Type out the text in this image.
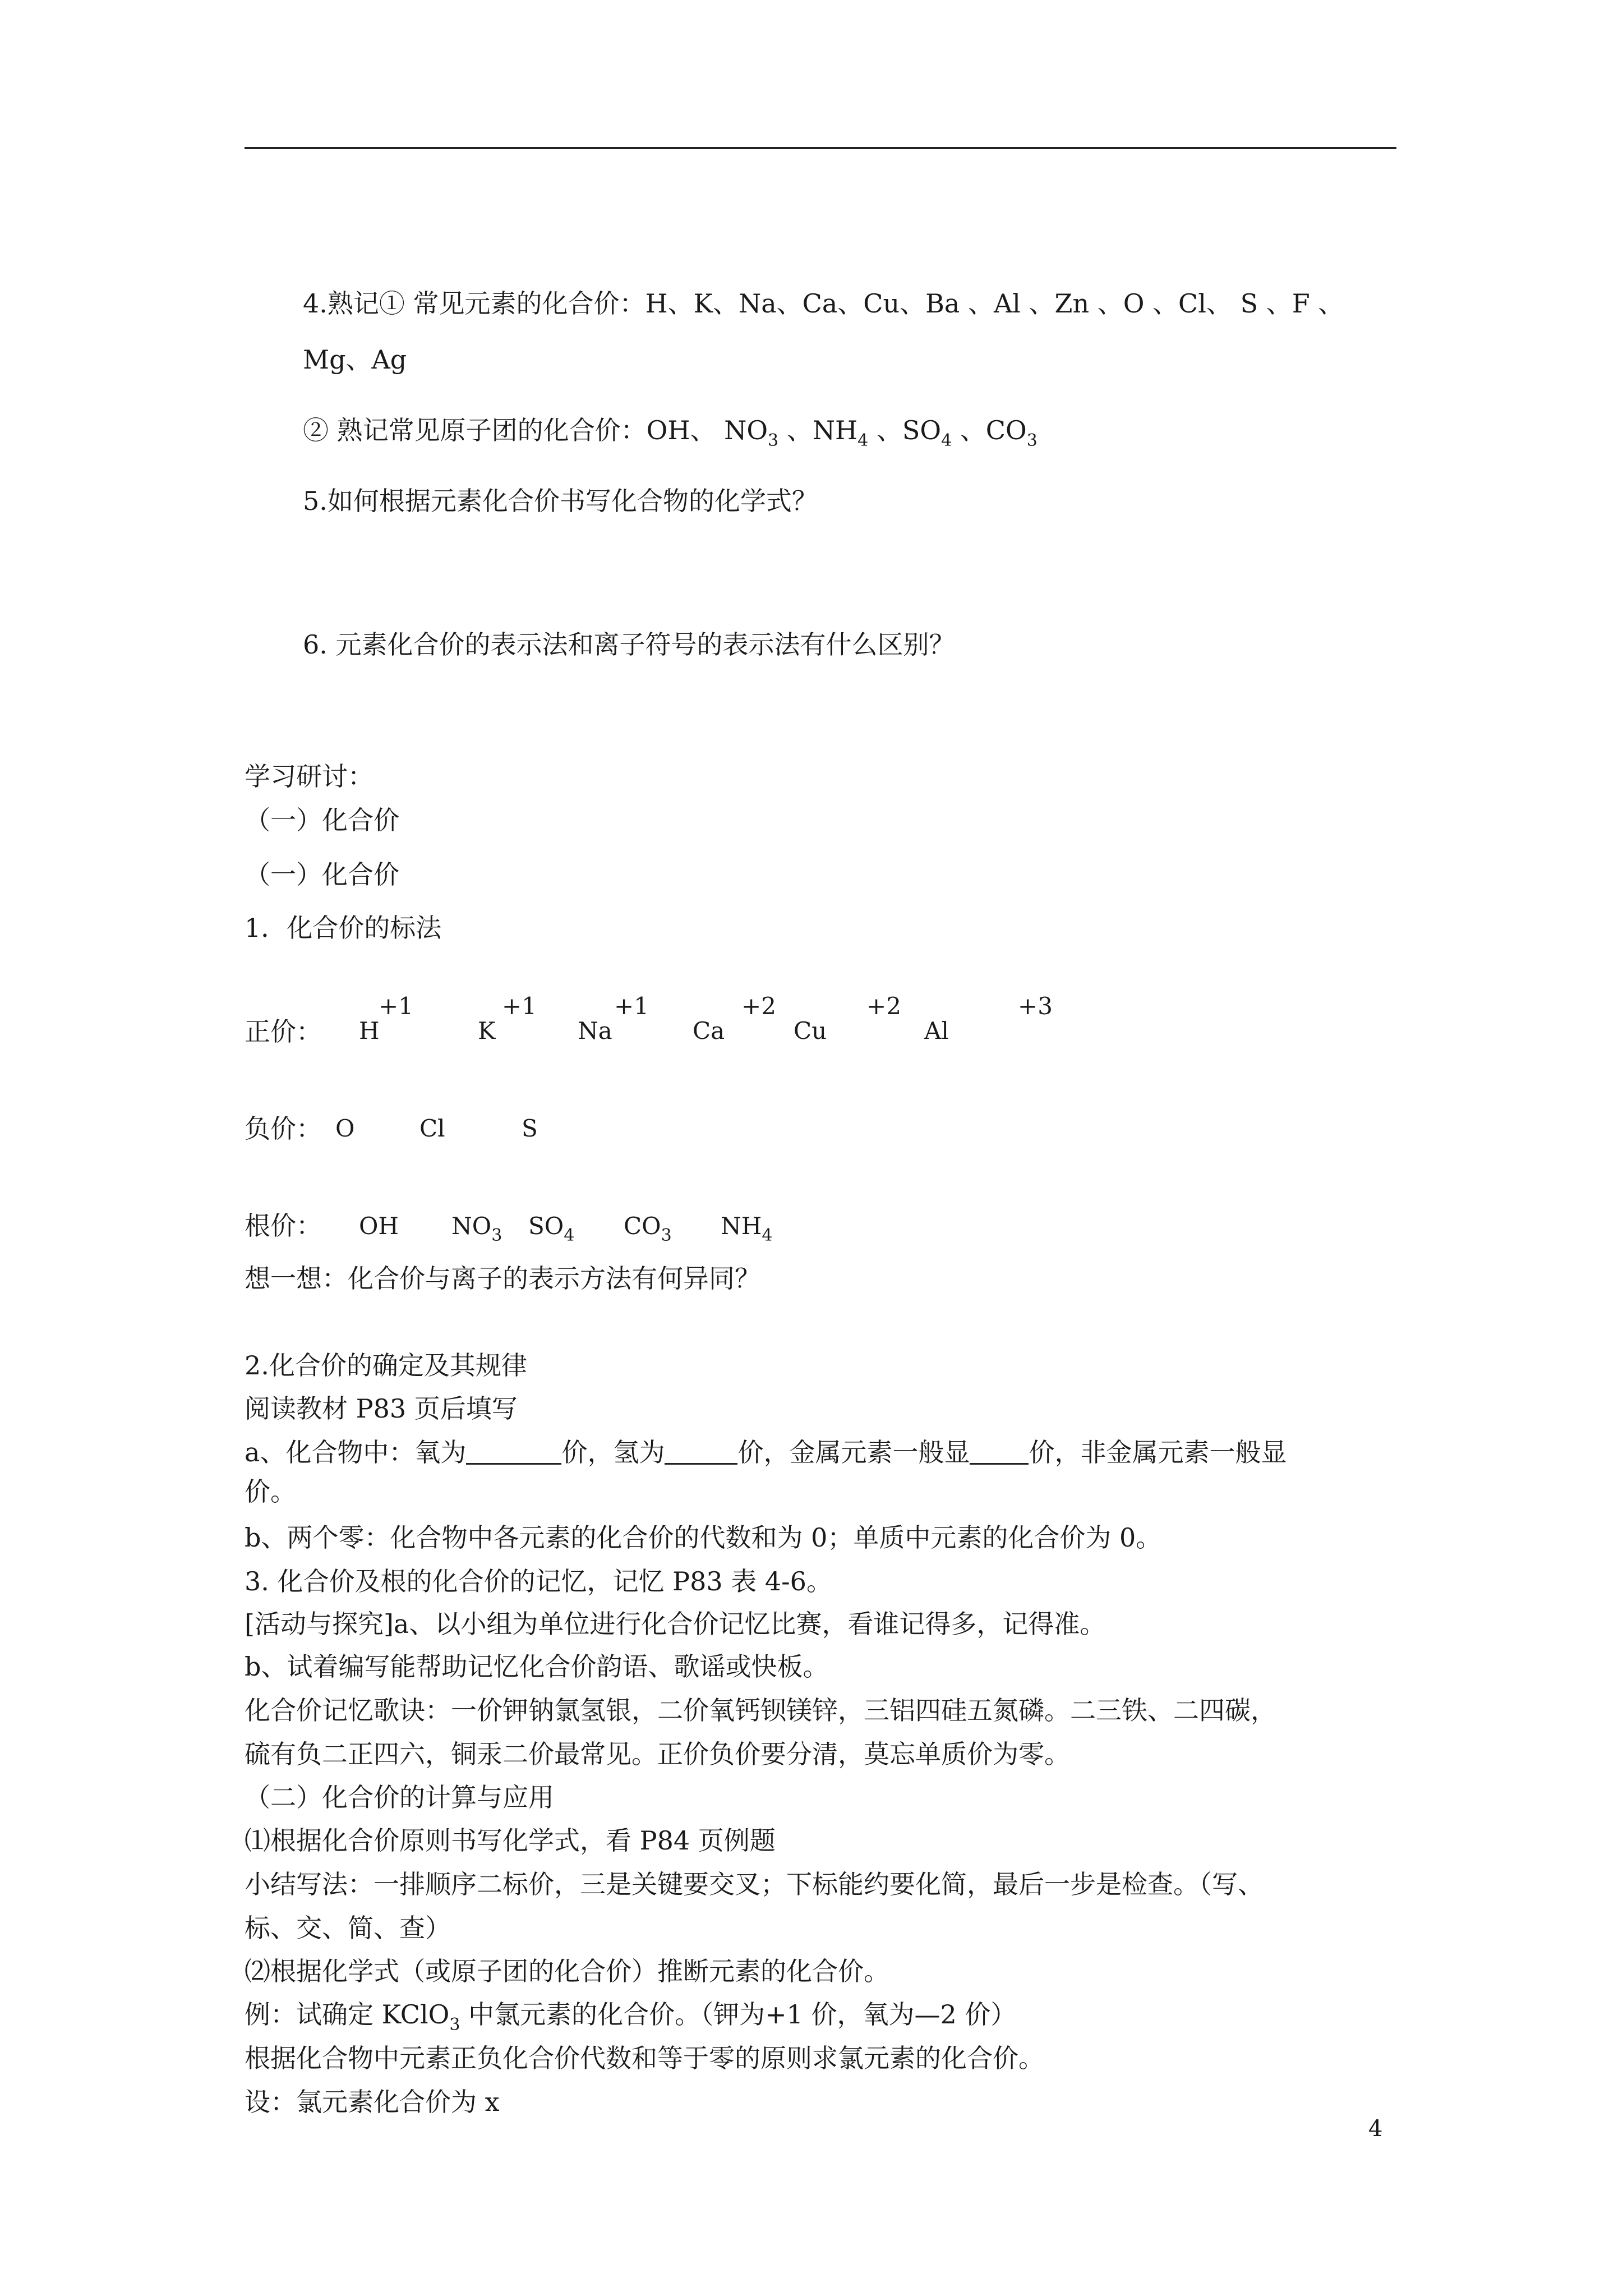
4.熟记① 常见元素的化合价：H、K、Na、Ca、Cu、Ba 、Al 、Zn 、O 、Cl、 S 、F 、
Mg、Ag
② 熟记常见原子团的化合价：OH、 $NO_3$ 、$NH_4$ 、$SO_4$ 、$CO_3$
5.如何根据元素化合价书写化合物的化学式？
6. 元素化合价的表示法和离子符号的表示法有什么区别？
学习研讨：
（一）化合价
（一）化合价
1．化合价的标法
正价： H
+1
K
+1
Na
+1
Ca
+2
Cu
+2
Al
+3
负价： O	Cl	S
根价： OH $NO_3$ $SO_4$ $CO_3$ $NH_4$
想一想：化合价与离子的表示方法有何异同？
2.化合价的确定及其规律
阅读教材 P83 页后填写
a、化合物中：氧为	价，氢为	价，金属元素一般显 价，非金属元素一般显
价。
b、两个零：化合物中各元素的化合价的代数和为 0；单质中元素的化合价为 0。
3. 化合价及根的化合价的记忆，记忆 P83 表 4-6。
[活动与探究]a、以小组为单位进行化合价记忆比赛，看谁记得多，记得准。
b、试着编写能帮助记忆化合价韵语、歌谣或快板。
化合价记忆歌诀：一价钾钠氯氢银，二价氧钙钡镁锌，三铝四硅五氮磷。二三铁、二四碳，
硫有负二正四六，铜汞二价最常见。正价负价要分清，莫忘单质价为零。
（二）化合价的计算与应用
⑴根据化合价原则书写化学式，看 P84 页例题
小结写法：一排顺序二标价，三是关键要交叉；下标能约要化简，最后一步是检查。（写、
标、交、简、查）
⑵根据化学式（或原子团的化合价）推断元素的化合价。
例：试确定 KClO$_3$ 中氯元素的化合价。（钾为+1 价，氧为—2 价）
根据化合物中元素正负化合价代数和等于零的原则求氯元素的化合价。
设：氯元素化合价为 x
4
